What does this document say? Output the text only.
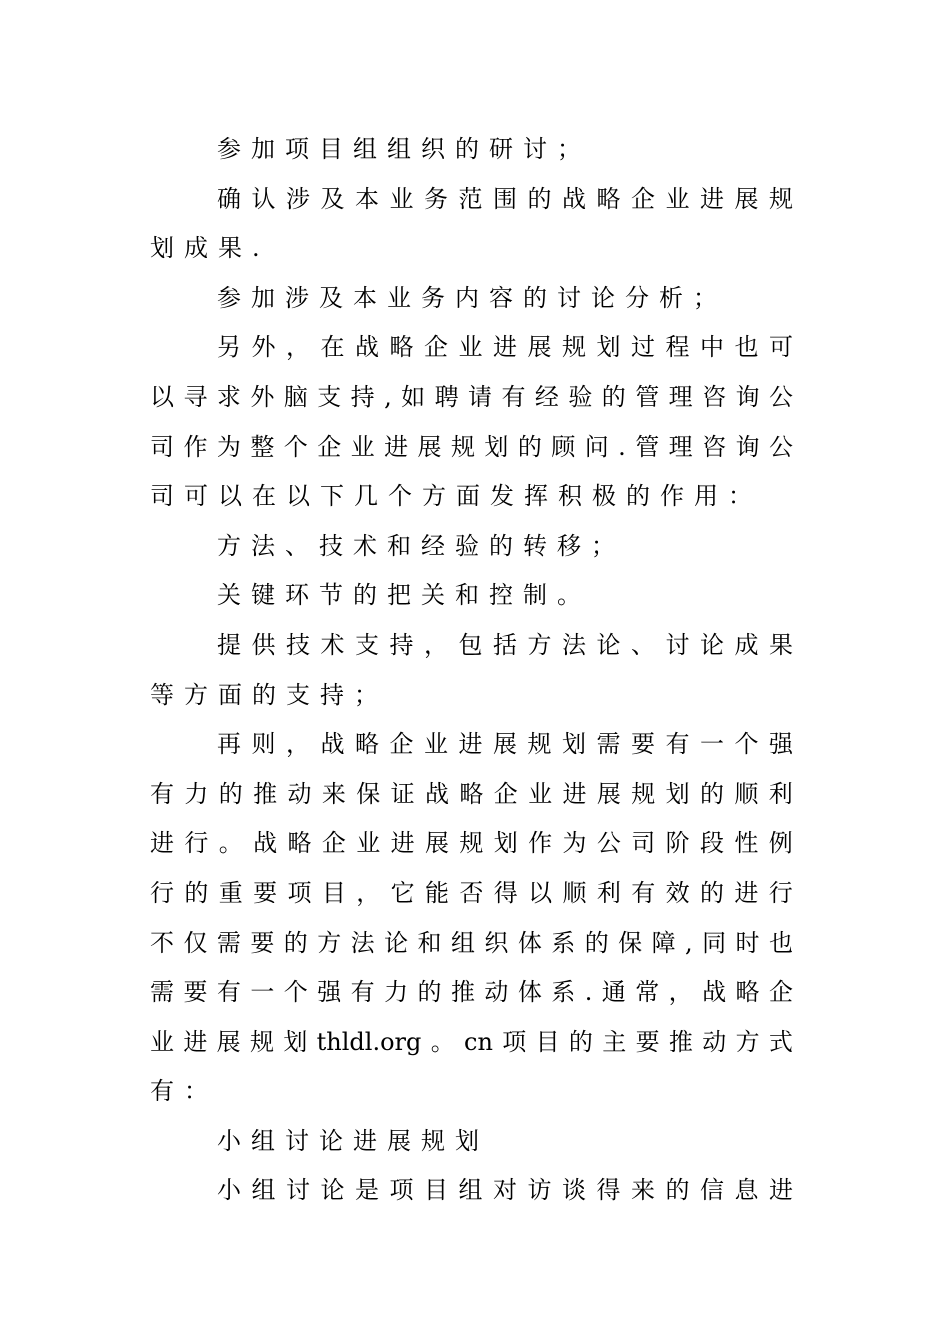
参加项目组组织的研讨；
确 认 涉 及 本 业 务 范 围 的 战 略 企 业 进 展 规
划成果.
参加涉及本业务内容的讨论分析；
另 外 ， 在 战 略 企 业 进 展 规 划 过 程 中 也 可
以 寻 求 外 脑 支 持 , 如 聘 请 有 经 验 的 管 理 咨 询 公
司 作 为 整 个 企 业 进 展 规 划 的 顾 问 . 管 理 咨 询 公
司可以在以下几个方面发挥积极的作用：
方法、技术和经验的转移；
关键环节的把关和控制。
提 供 技 术 支 持 ， 包 括 方 法 论 、 讨 论 成 果
等方面的支持；
再 则 ， 战 略 企 业 进 展 规 划 需 要 有 一 个 强
有 力 的 推 动 来 保 证 战 略 企 业 进 展 规 划 的 顺 利
进 行 。 战 略 企 业 进 展 规 划 作 为 公 司 阶 段 性 例
行 的 重 要 项 目 ， 它 能 否 得 以 顺 利 有 效 的 进 行
不 仅 需 要 的 方 法 论 和 组 织 体 系 的 保 障 , 同 时 也
需 要 有 一 个 强 有 力 的 推 动 体 系 . 通 常 ， 战 略 企
业 进 展 规 划 thldl.org 。 cn 项 目 的 主 要 推 动 方 式
有：
小组讨论进展规划
小 组 讨 论 是 项 目 组 对 访 谈 得 来 的 信 息 进
